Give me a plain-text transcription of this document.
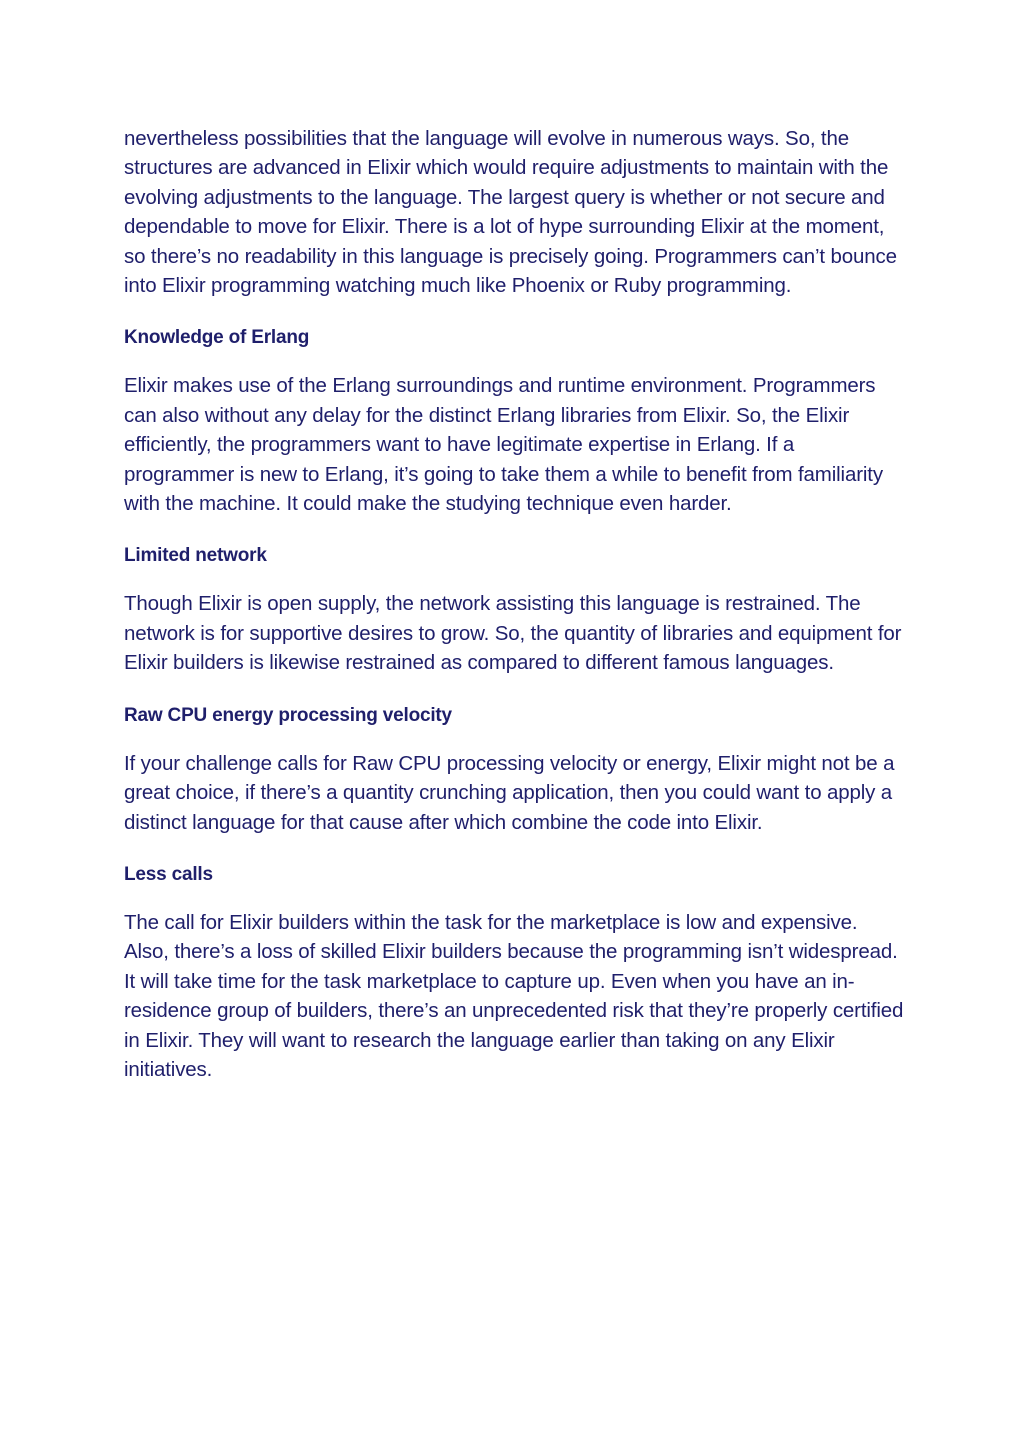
nevertheless possibilities that the language will evolve in numerous ways. So, the structures are advanced in Elixir which would require adjustments to maintain with the evolving adjustments to the language. The largest query is whether or not secure and dependable to move for Elixir. There is a lot of hype surrounding Elixir at the moment, so there’s no readability in this language is precisely going. Programmers can’t bounce into Elixir programming watching much like Phoenix or Ruby programming.

Knowledge of Erlang

Elixir makes use of the Erlang surroundings and runtime environment. Programmers can also without any delay for the distinct Erlang libraries from Elixir. So, the Elixir efficiently, the programmers want to have legitimate expertise in Erlang. If a programmer is new to Erlang, it’s going to take them a while to benefit from familiarity with the machine. It could make the studying technique even harder.

Limited network

Though Elixir is open supply, the network assisting this language is restrained. The network is for supportive desires to grow. So, the quantity of libraries and equipment for Elixir builders is likewise restrained as compared to different famous languages.

Raw CPU energy processing velocity

If your challenge calls for Raw CPU processing velocity or energy, Elixir might not be a great choice, if there’s a quantity crunching application, then you could want to apply a distinct language for that cause after which combine the code into Elixir.

Less calls

The call for Elixir builders within the task for the marketplace is low and expensive. Also, there’s a loss of skilled Elixir builders because the programming isn’t widespread. It will take time for the task marketplace to capture up. Even when you have an in-residence group of builders, there’s an unprecedented risk that they’re properly certified in Elixir. They will want to research the language earlier than taking on any Elixir initiatives.
